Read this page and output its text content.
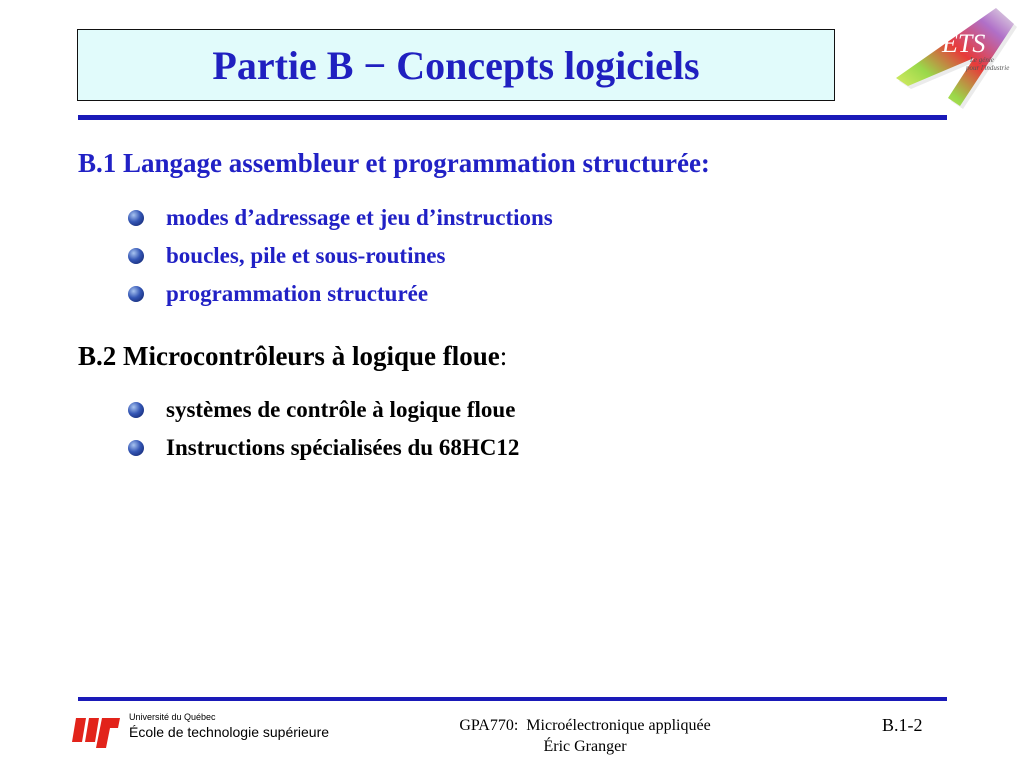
Partie B − Concepts logiciels	ÉTS
Le génie
pour l'industrie
B.1 Langage assembleur et programmation structurée:
modes d’adressage et jeu d’instructions
boucles, pile et sous-routines
programmation structurée
B.2 Microcontrôleurs à logique floue:
systèmes de contrôle à logique floue
Instructions spécialisées du 68HC12
Université du Québec
École de technologie supérieure	GPA770:  Microélectronique appliquée
Éric Granger
B.1-2
